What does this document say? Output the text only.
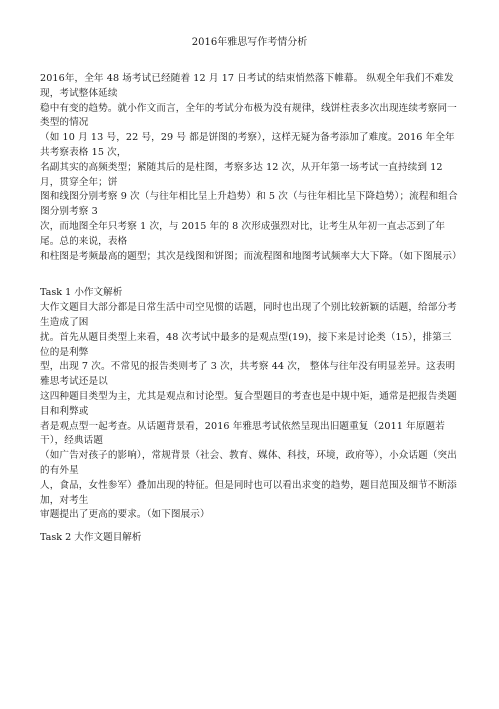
2016年雅思写作考情分析

2016年，全年 48 场考试已经随着 12 月 17 日考试的结束悄然落下帷幕。 纵观全年我们不难发现，考试整体延续

稳中有变的趋势。就小作文而言，全年的考试分布极为没有规律，线饼柱表多次出现连续考察同一类型的情况

（如 10 月 13 号，22 号，29 号 都是饼图的考察），这样无疑为备考添加了难度。2016 年全年共考察表格 15 次，

名副其实的高频类型；紧随其后的是柱图，考察多达 12 次，从开年第一场考试一直持续到 12 月，贯穿全年；饼

图和线图分别考察 9 次（与往年相比呈上升趋势）和 5 次（与往年相比呈下降趋势）；流程和组合图分别考察 3

次，而地图全年只考察 1 次，与 2015 年的 8 次形成强烈对比，让考生从年初一直忐忑到了年尾。总的来说，表格

和柱图是考频最高的题型；其次是线图和饼图；而流程图和地图考试频率大大下降。（如下图展示）

Task 1 小作文解析

大作文题目大部分都是日常生活中司空见惯的话题，同时也出现了个别比较新颖的话题，给部分考生造成了困

扰。首先从题目类型上来看，48 次考试中最多的是观点型(19)，接下来是讨论类（15），排第三位的是利弊

型，出现 7 次。不常见的报告类则考了 3 次，共考察 44 次， 整体与往年没有明显差异。这表明雅思考试还是以

这四种题目类型为主，尤其是观点和讨论型。复合型题目的考查也是中规中矩，通常是把报告类题目和利弊或

者是观点型一起考查。从话题背景看，2016 年雅思考试依然呈现出旧题重复（2011 年原题若干），经典话题

（如广告对孩子的影响），常规背景（社会、教育、媒体、科技，环境，政府等），小众话题（突出的有外星

人，食品，女性参军）叠加出现的特征。但是同时也可以看出求变的趋势，题目范围及细节不断添加，对考生

审题提出了更高的要求。（如下图展示）

Task 2 大作文题目解析
